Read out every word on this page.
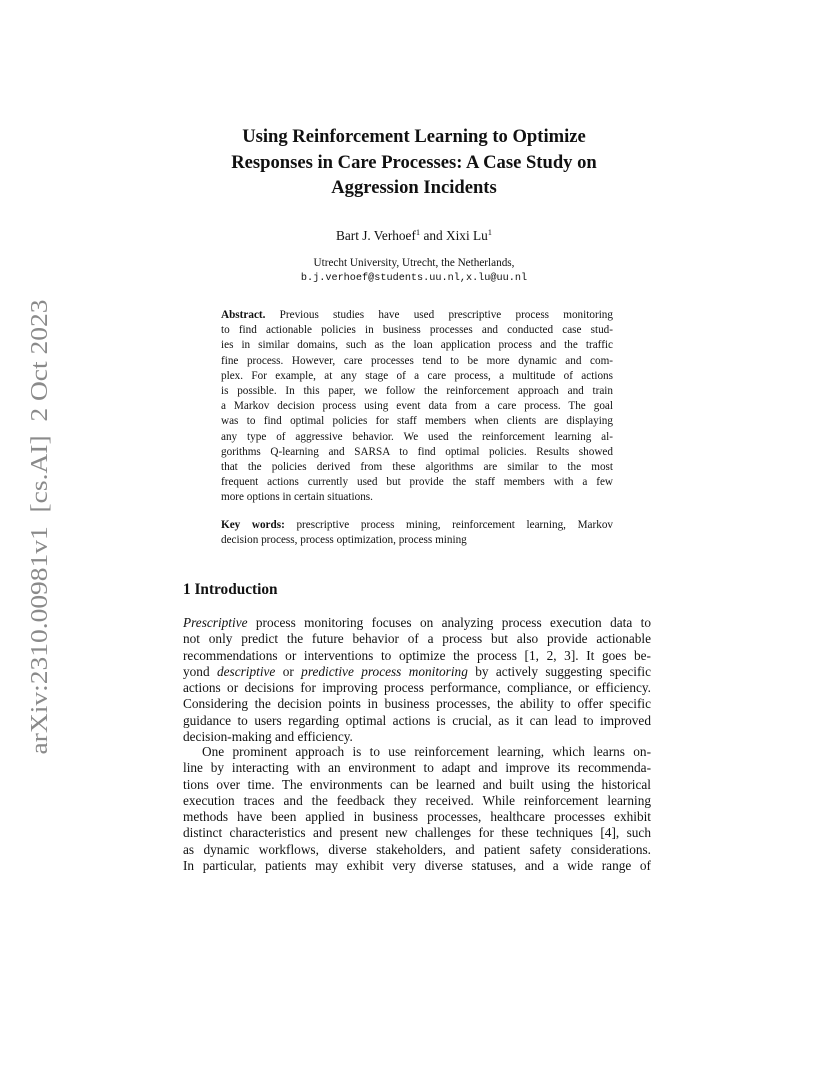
arXiv:2310.00981v1  [cs.AI]  2 Oct 2023
Using Reinforcement Learning to Optimize
Responses in Care Processes: A Case Study on
Aggression Incidents
Bart J. Verhoef$^1$ and Xixi Lu$^1$
Utrecht University, Utrecht, the Netherlands,
b.j.verhoef@students.uu.nl,x.lu@uu.nl
Abstract. Previous studies have used prescriptive process monitoring
to find actionable policies in business processes and conducted case stud-
ies in similar domains, such as the loan application process and the traffic
fine process. However, care processes tend to be more dynamic and com-
plex. For example, at any stage of a care process, a multitude of actions
is possible. In this paper, we follow the reinforcement approach and train
a Markov decision process using event data from a care process. The goal
was to find optimal policies for staff members when clients are displaying
any type of aggressive behavior. We used the reinforcement learning al-
gorithms Q-learning and SARSA to find optimal policies. Results showed
that the policies derived from these algorithms are similar to the most
frequent actions currently used but provide the staff members with a few
more options in certain situations.
Key words: prescriptive process mining, reinforcement learning, Markov
decision process, process optimization, process mining
1 Introduction
Prescriptive process monitoring focuses on analyzing process execution data to
not only predict the future behavior of a process but also provide actionable
recommendations or interventions to optimize the process [1, 2, 3]. It goes be-
yond descriptive or predictive process monitoring by actively suggesting specific
actions or decisions for improving process performance, compliance, or efficiency.
Considering the decision points in business processes, the ability to offer specific
guidance to users regarding optimal actions is crucial, as it can lead to improved
decision-making and efficiency.
One prominent approach is to use reinforcement learning, which learns on-
line by interacting with an environment to adapt and improve its recommenda-
tions over time. The environments can be learned and built using the historical
execution traces and the feedback they received. While reinforcement learning
methods have been applied in business processes, healthcare processes exhibit
distinct characteristics and present new challenges for these techniques [4], such
as dynamic workflows, diverse stakeholders, and patient safety considerations.
In particular, patients may exhibit very diverse statuses, and a wide range of
